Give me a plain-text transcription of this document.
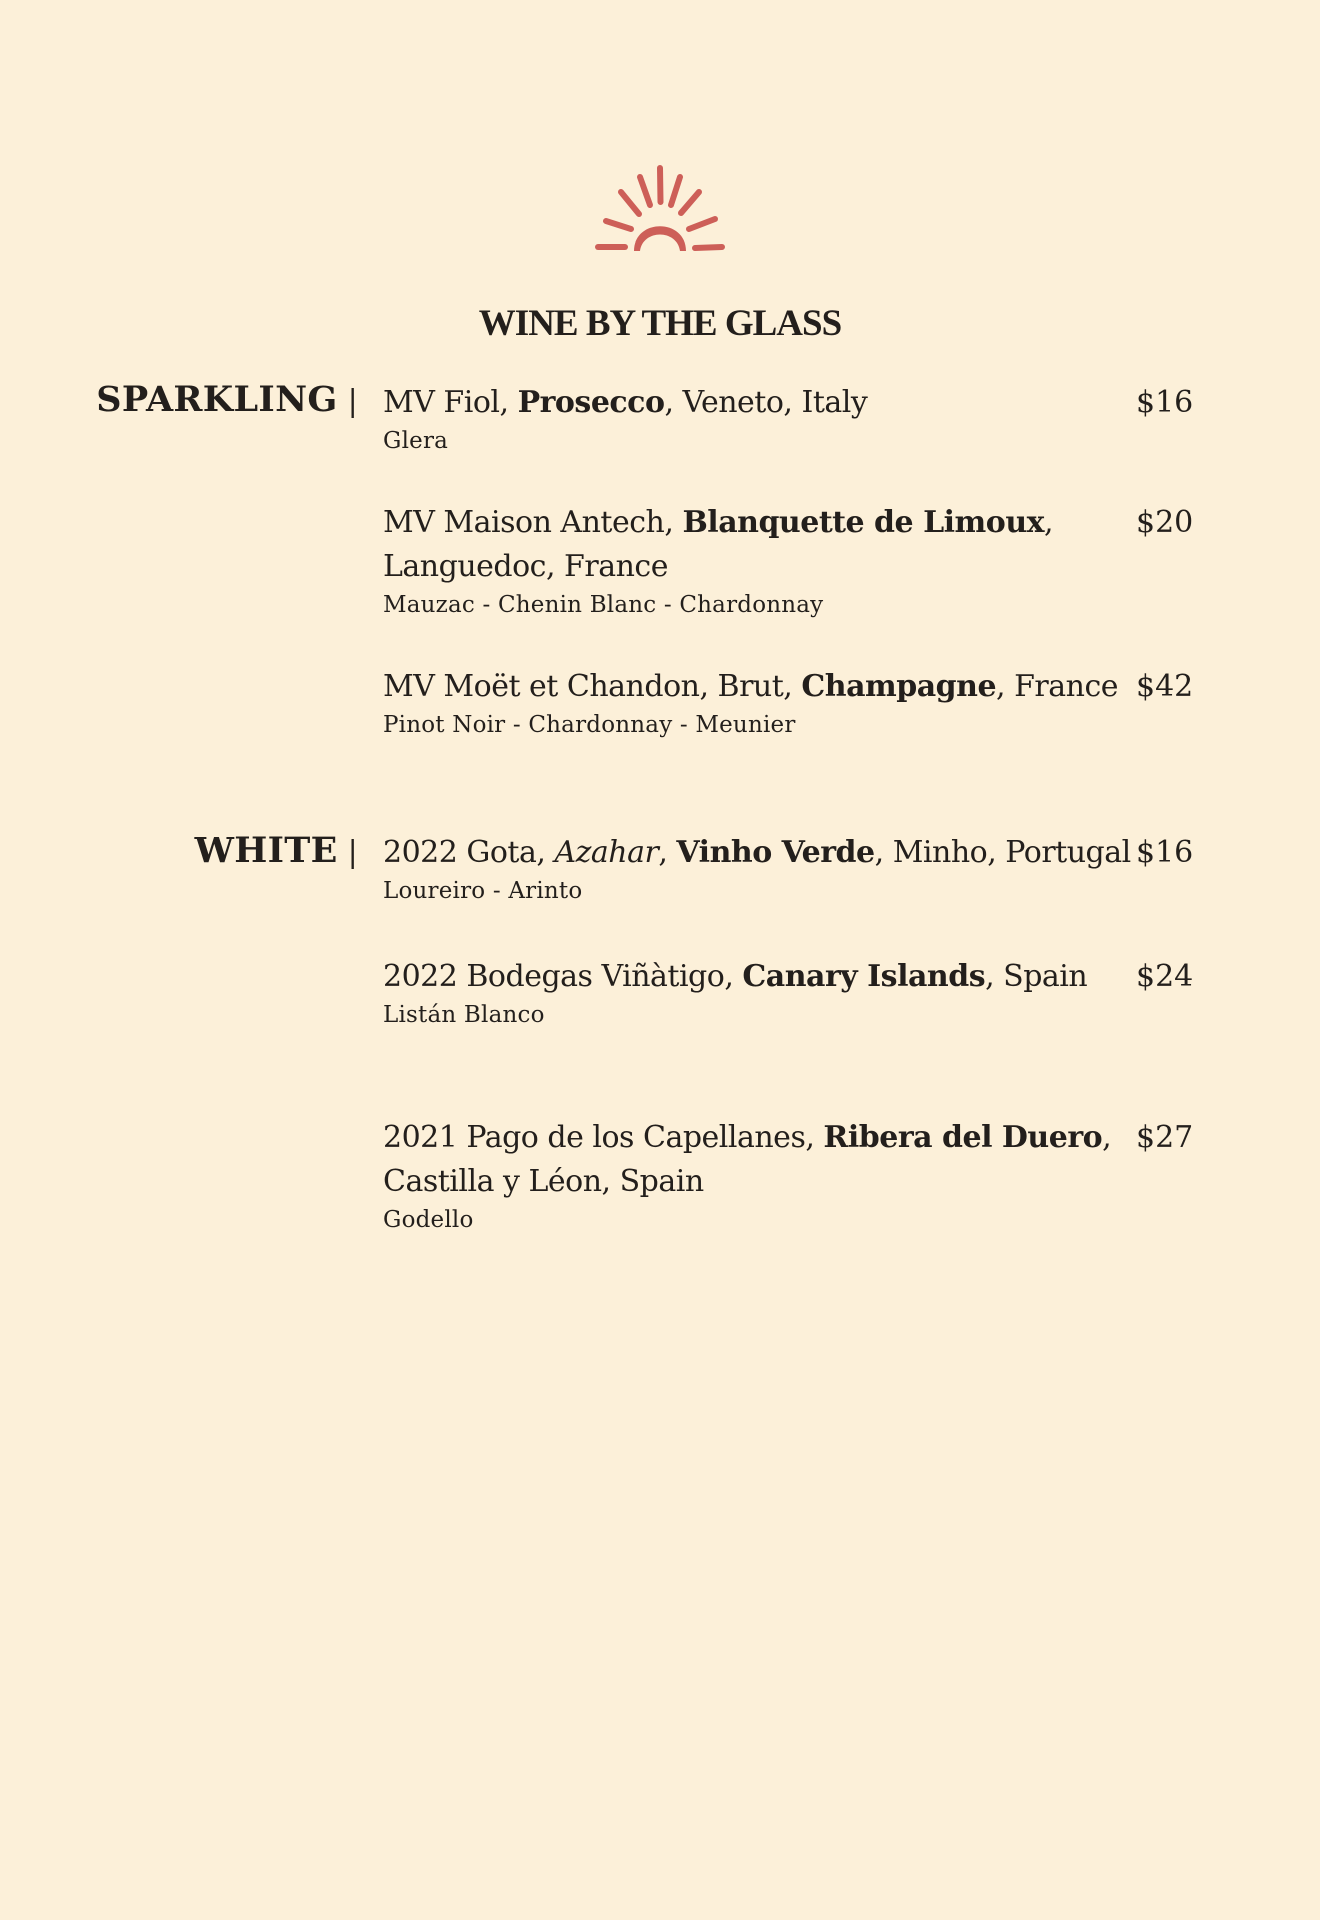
WINE BY THE GLASS
SPARKLING | MV Fiol, Prosecco, Veneto, Italy
Glera
$16
MV Maison Antech, Blanquette de Limoux,
Languedoc, France
Mauzac - Chenin Blanc - Chardonnay
$20
MV Moët et Chandon, Brut, Champagne, France
Pinot Noir - Chardonnay - Meunier
$42
WHITE | 2022 Gota, Azahar, Vinho Verde, Minho, Portugal
Loureiro - Arinto
$16
2022 Bodegas Viñàtigo, Canary Islands, Spain
Listán Blanco
$24
2021 Pago de los Capellanes, Ribera del Duero,
Castilla y Léon, Spain
Godello
$27
